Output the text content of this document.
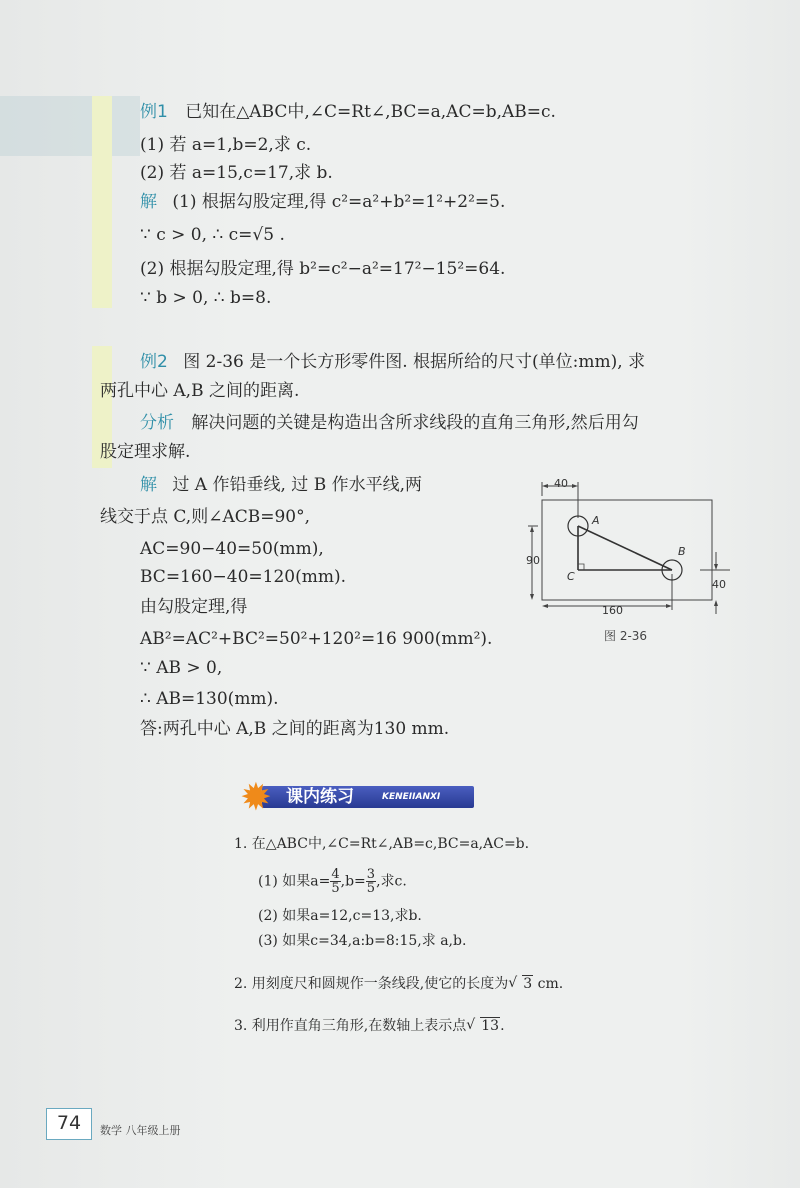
例1 已知在△ABC中,∠C=Rt∠,BC=a,AC=b,AB=c.
(1) 若 a=1,b=2,求 c.
(2) 若 a=15,c=17,求 b.
解 (1) 根据勾股定理,得 c²=a²+b²=1²+2²=5.
∵ c > 0, ∴ c=√5 .
(2) 根据勾股定理,得 b²=c²−a²=17²−15²=64.
∵ b > 0, ∴ b=8.
例2 图 2-36 是一个长方形零件图. 根据所给的尺寸(单位:mm), 求
两孔中心 A,B 之间的距离.
分析 解决问题的关键是构造出含所求线段的直角三角形,然后用勾
股定理求解.
解 过 A 作铅垂线, 过 B 作水平线,两
线交于点 C,则∠ACB=90°,
AC=90−40=50(mm),
BC=160−40=120(mm).
由勾股定理,得
AB²=AC²+BC²=50²+120²=16 900(mm²).
∵ AB > 0,
∴ AB=130(mm).
答:两孔中心 A,B 之间的距离为130 mm.
40
90
160
40
A
B
C
图 2-36
✹ 课内练习	KENEIIANXI
1. 在△ABC中,∠C=Rt∠,AB=c,BC=a,AC=b.
(1) 如果$a= \frac{4}{5} ,b= \frac{3}{5}$ ,求c.
(2) 如果a=12,c=13,求b.
(3) 如果c=34,a:b=8:15,求 a,b.
2. 用刻度尺和圆规作一条线段,使它的长度为 √ 3 cm.
3. 利用作直角三角形,在数轴上表示点 √ 13.
74	数学 八年级上册
